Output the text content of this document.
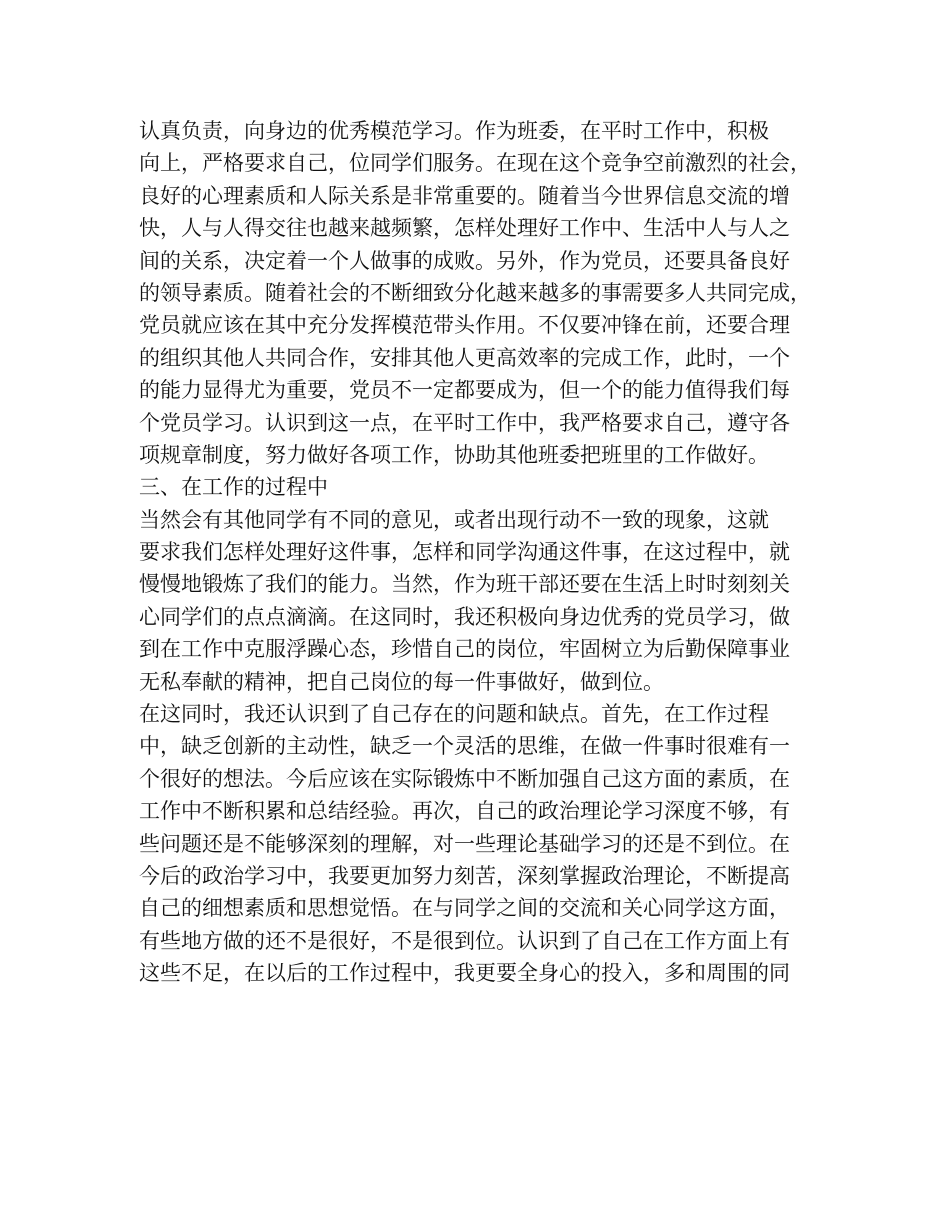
认真负责，向身边的优秀模范学习。作为班委，在平时工作中，积极
向上，严格要求自己，位同学们服务。在现在这个竞争空前激烈的社会，
良好的心理素质和人际关系是非常重要的。随着当今世界信息交流的增
快，人与人得交往也越来越频繁，怎样处理好工作中、生活中人与人之
间的关系，决定着一个人做事的成败。另外，作为党员，还要具备良好
的领导素质。随着社会的不断细致分化越来越多的事需要多人共同完成，
党员就应该在其中充分发挥模范带头作用。不仅要冲锋在前，还要合理
的组织其他人共同合作，安排其他人更高效率的完成工作，此时，一个
的能力显得尤为重要，党员不一定都要成为，但一个的能力值得我们每
个党员学习。认识到这一点，在平时工作中，我严格要求自己，遵守各
项规章制度，努力做好各项工作，协助其他班委把班里的工作做好。
三、在工作的过程中
当然会有其他同学有不同的意见，或者出现行动不一致的现象，这就
要求我们怎样处理好这件事，怎样和同学沟通这件事，在这过程中，就
慢慢地锻炼了我们的能力。当然，作为班干部还要在生活上时时刻刻关
心同学们的点点滴滴。在这同时，我还积极向身边优秀的党员学习，做
到在工作中克服浮躁心态，珍惜自己的岗位，牢固树立为后勤保障事业
无私奉献的精神，把自己岗位的每一件事做好，做到位。
在这同时，我还认识到了自己存在的问题和缺点。首先，在工作过程
中，缺乏创新的主动性，缺乏一个灵活的思维，在做一件事时很难有一
个很好的想法。今后应该在实际锻炼中不断加强自己这方面的素质，在
工作中不断积累和总结经验。再次，自己的政治理论学习深度不够，有
些问题还是不能够深刻的理解，对一些理论基础学习的还是不到位。在
今后的政治学习中，我要更加努力刻苦，深刻掌握政治理论，不断提高
自己的细想素质和思想觉悟。在与同学之间的交流和关心同学这方面，
有些地方做的还不是很好，不是很到位。认识到了自己在工作方面上有
这些不足，在以后的工作过程中，我更要全身心的投入，多和周围的同
